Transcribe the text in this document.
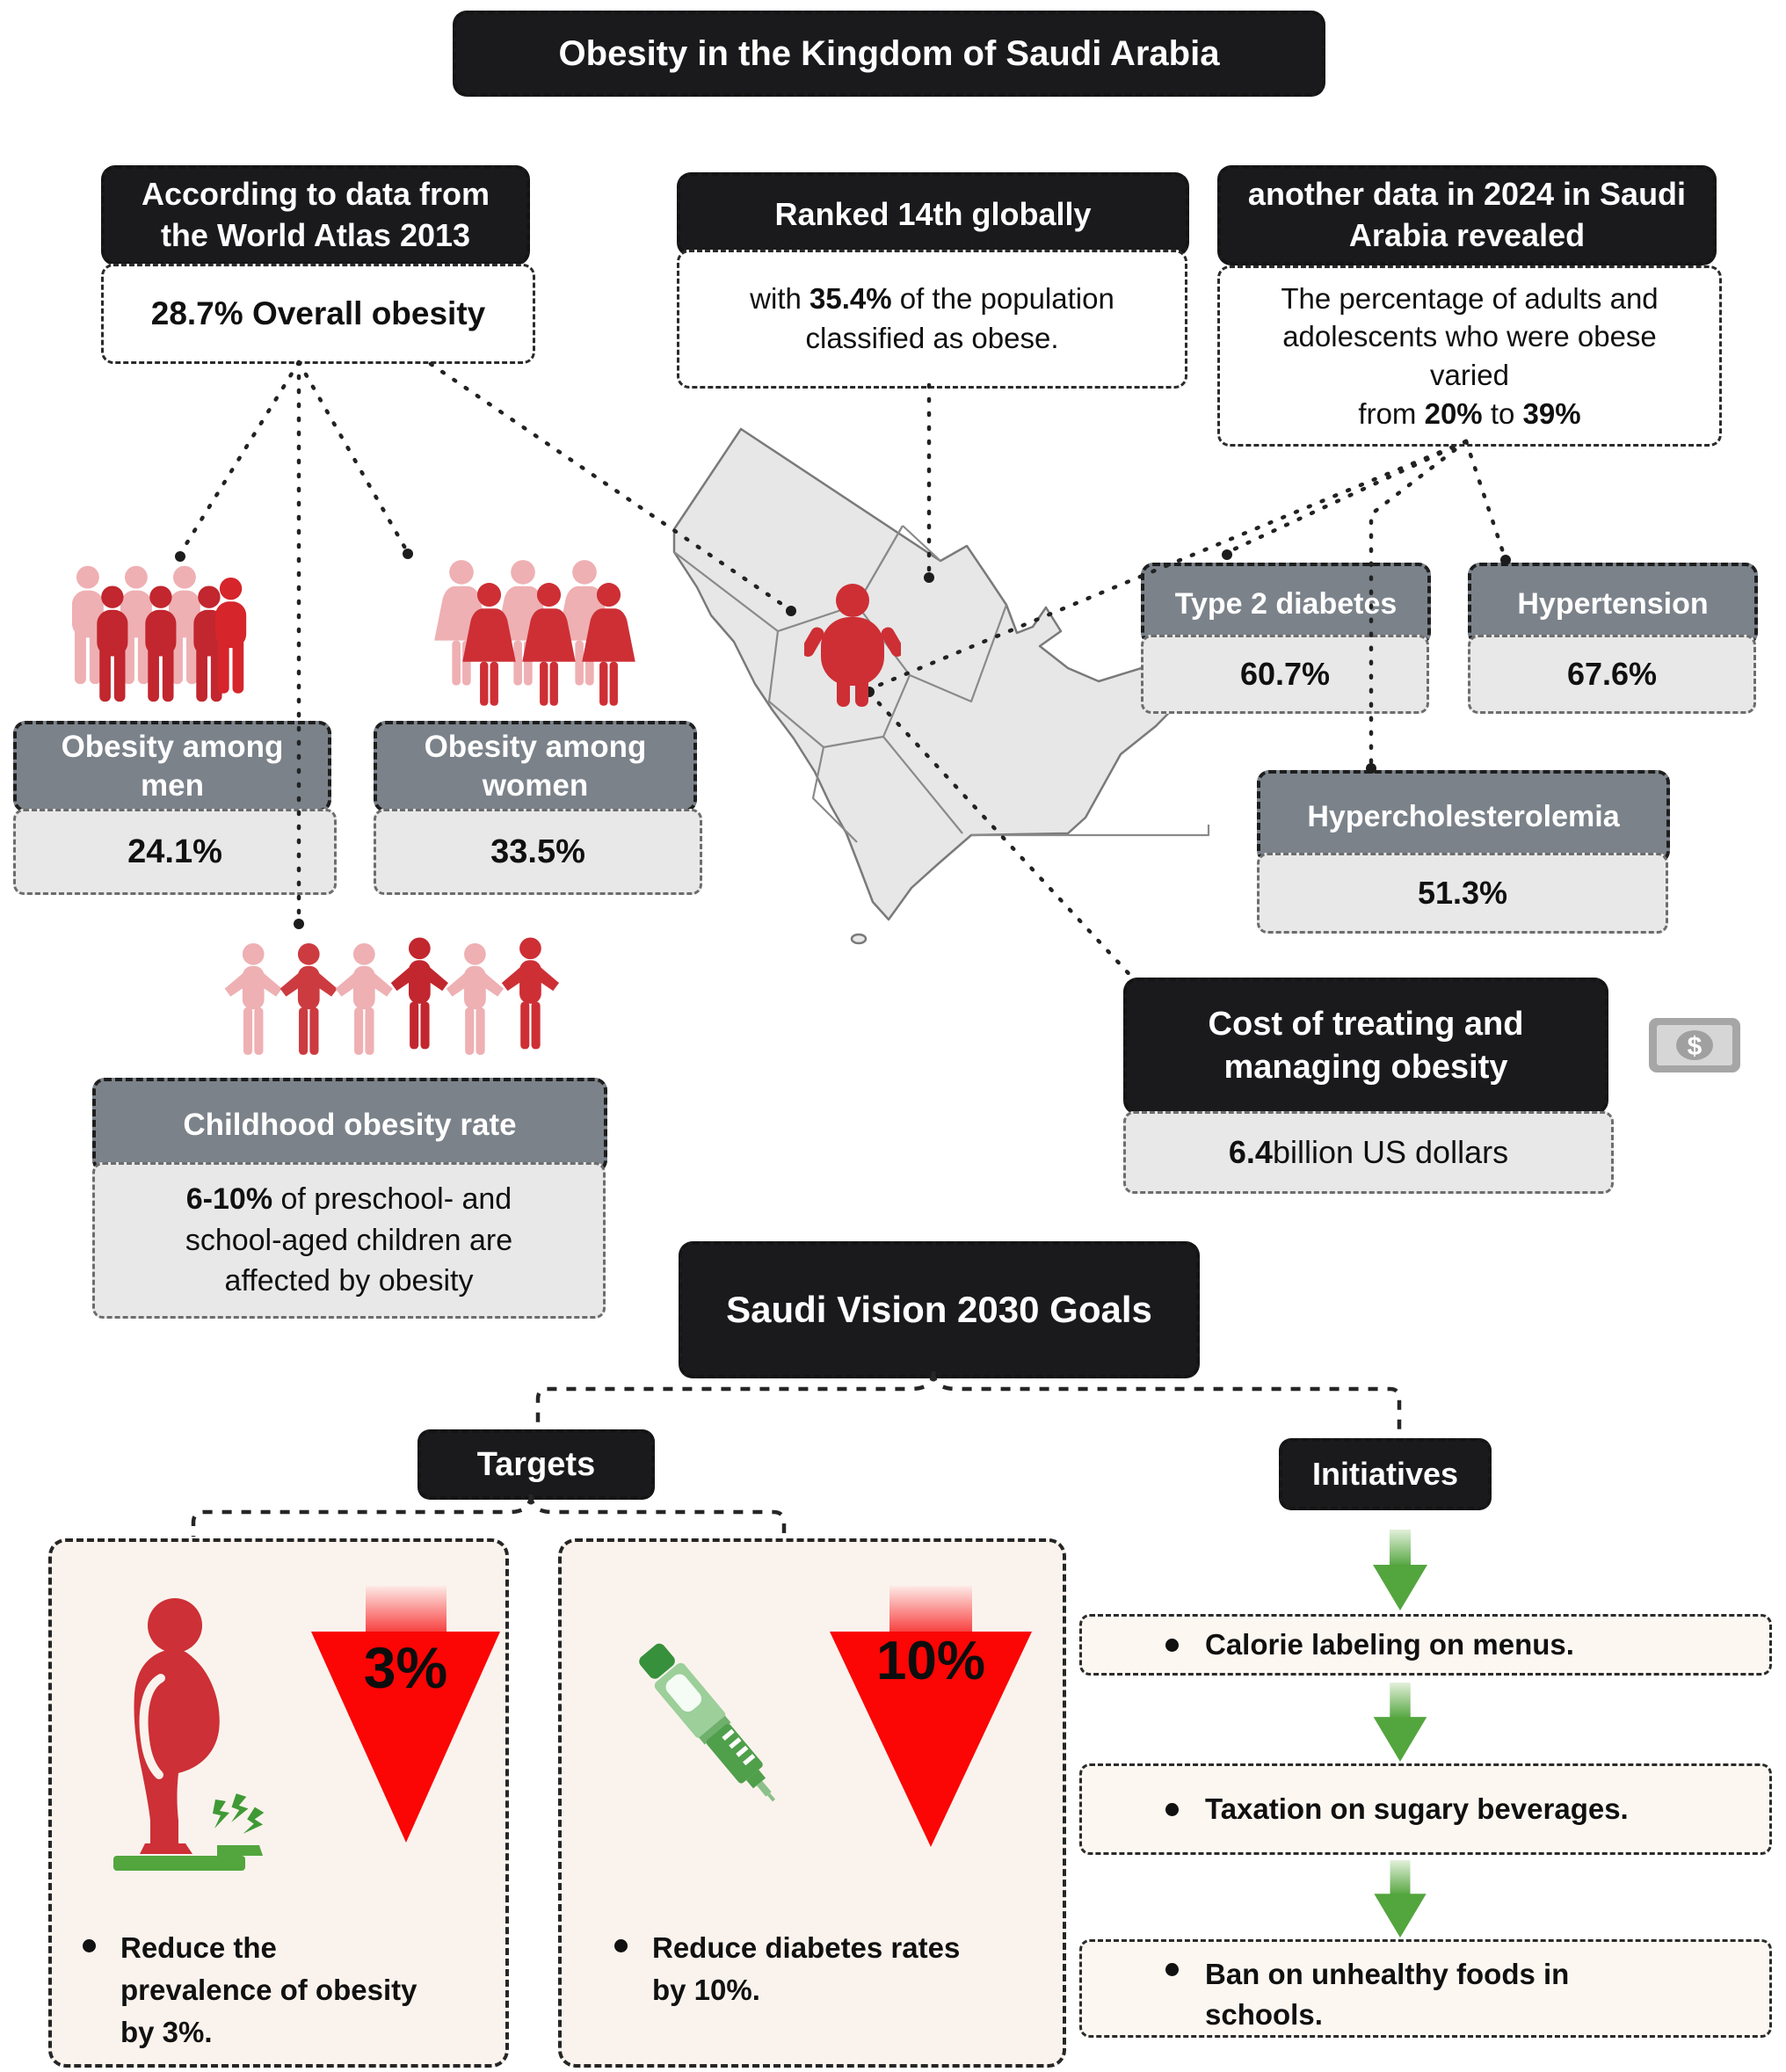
Obesity in the Kingdom of Saudi Arabia
According to data from the World Atlas 2013
28.7% Overall obesity
Ranked 14th globally
with 35.4% of the population classified as obese.
another data in 2024 in Saudi Arabia revealed
The percentage of adults and adolescents who were obese varied
from 20% to 39%
Obesity among men
24.1%
Obesity among women
33.5%
Childhood obesity rate
6-10% of preschool- and school-aged children are affected by obesity
Type 2 diabetes
60.7%
Hypertension
67.6%
Hypercholesterolemia
51.3%
Cost of treating and managing obesity
6.4 billion US dollars
$
Saudi Vision 2030 Goals
Targets	Initiatives
3%
Reduce the prevalence of obesity by 3%.
10%
Reduce diabetes rates by 10%.
Calorie labeling on menus.
Taxation on sugary beverages.
Ban on unhealthy foods in schools.
